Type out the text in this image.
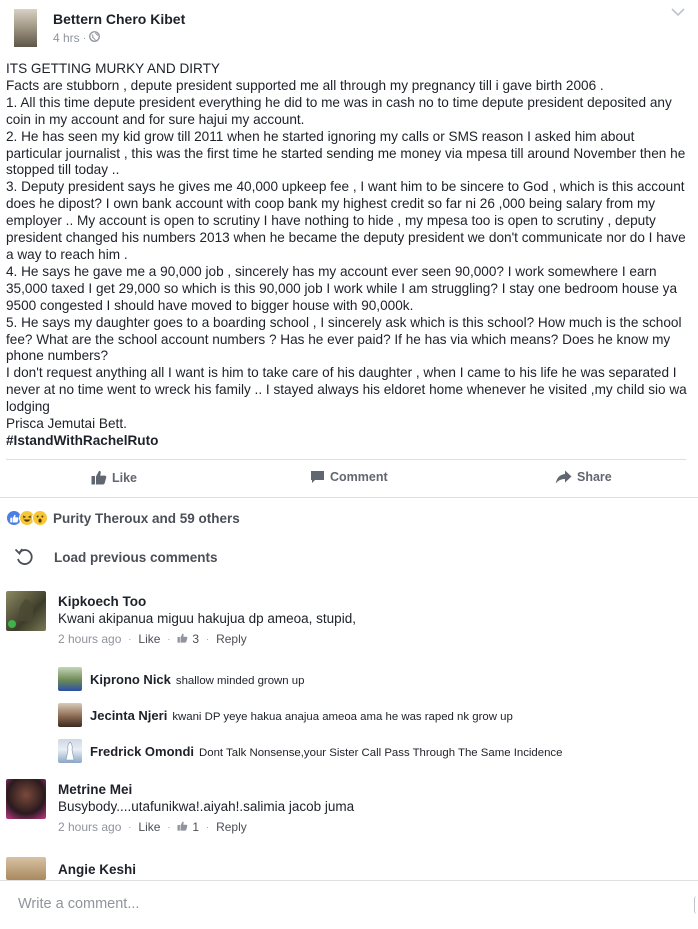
Bettern Chero Kibet
4 hrs ·

ITS GETTING MURKY AND DIRTY

Facts are stubborn , depute president supported me all through my pregnancy till i gave birth 2006 .

1. All this time depute president everything he did to me was in cash no to time depute president deposited any coin in my account and for sure hajui my account.

2. He has seen my kid grow till 2011 when he started ignoring my calls or SMS reason I asked him about particular journalist , this was the first time he started sending me money via mpesa till around November then he stopped till today ..

3. Deputy president says he gives me 40,000 upkeep fee , I want him to be sincere to God , which is this account does he dipost? I own bank account with coop bank my highest credit so far ni 26 ,000 being salary from my employer .. My account is open to scrutiny I have nothing to hide , my mpesa too is open to scrutiny , deputy president changed his numbers 2013 when he became the deputy president we don't communicate nor do I have a way to reach him .

4. He says he gave me a 90,000 job , sincerely has my account ever seen 90,000? I work somewhere I earn 35,000 taxed I get 29,000 so which is this 90,000 job I work while I am struggling? I stay one bedroom house ya 9500 congested I should have moved to bigger house with 90,000k.

5. He says my daughter goes to a boarding school , I sincerely ask which is this school? How much is the school fee? What are the school account numbers ? Has he ever paid? If he has via which means? Does he know my phone numbers?

I don't request anything all I want is him to take care of his daughter , when I came to his life he was separated I never at no time went to wreck his family .. I stayed always his eldoret home whenever he visited ,my child sio wa lodging

Prisca Jemutai Bett.

#IstandWithRachelRuto

Like	Comment	Share
Purity Theroux and 59 others
Load previous comments
Kipkoech Too
Kwani akipanua miguu hakujua dp ameoa, stupid,
2 hours ago · Like · 3 · Reply
Kiprono Nick shallow minded grown up
Jecinta Njeri kwani DP yeye hakua anajua ameoa ama he was raped nk grow up
Fredrick Omondi Dont Talk Nonsense,your Sister Call Pass Through The Same Incidence
Metrine Mei
Busybody....utafunikwa!.aiyah!.salimia jacob juma
2 hours ago · Like · 1 · Reply
Angie Keshi
Write a comment...
